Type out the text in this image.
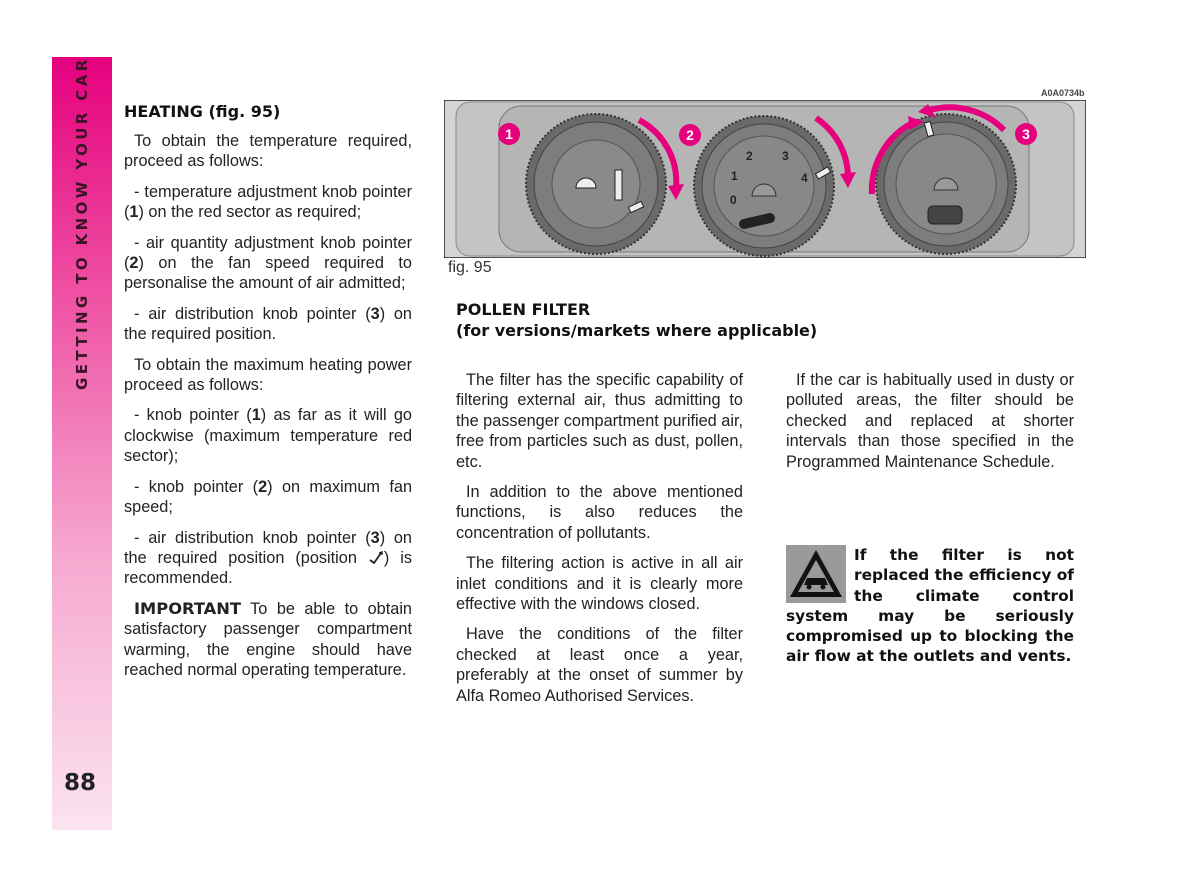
GETTING TO KNOW YOUR CAR
88

HEATING (fig. 95)

To obtain the temperature required, proceed as follows:

- temperature adjustment knob pointer (1) on the red sector as required;

- air quantity adjustment knob pointer (2) on the fan speed required to personalise the amount of air admitted;

- air distribution knob pointer (3) on the required position.

To obtain the maximum heating power proceed as follows:

- knob pointer (1) as far as it will go clockwise (maximum temperature red sector);

- knob pointer (2) on maximum fan speed;

- air distribution knob pointer (3) on the required position (position ) is recommended.

IMPORTANT To be able to obtain satisfactory passenger compartment warming, the engine should have reached normal operating temperature.

A0A0734b
0
1
2 3
4
1	2	3
fig. 95
POLLEN FILTER
(for versions/markets where applicable)

The filter has the specific capability of filtering external air, thus admitting to the passenger compartment purified air, free from particles such as dust, pollen, etc.

In addition to the above mentioned functions, is also reduces the concentration of pollutants.

The filtering action is active in all air inlet conditions and it is clearly more effective with the windows closed.

Have the conditions of the filter checked at least once a year, preferably at the onset of summer by Alfa Romeo Authorised Services.

If the car is habitually used in dusty or polluted areas, the filter should be checked and replaced at shorter intervals than those specified in the Programmed Maintenance Schedule.

If the filter is not replaced the efficiency of the climate control system may be seriously compromised up to blocking the air flow at the outlets and vents.
